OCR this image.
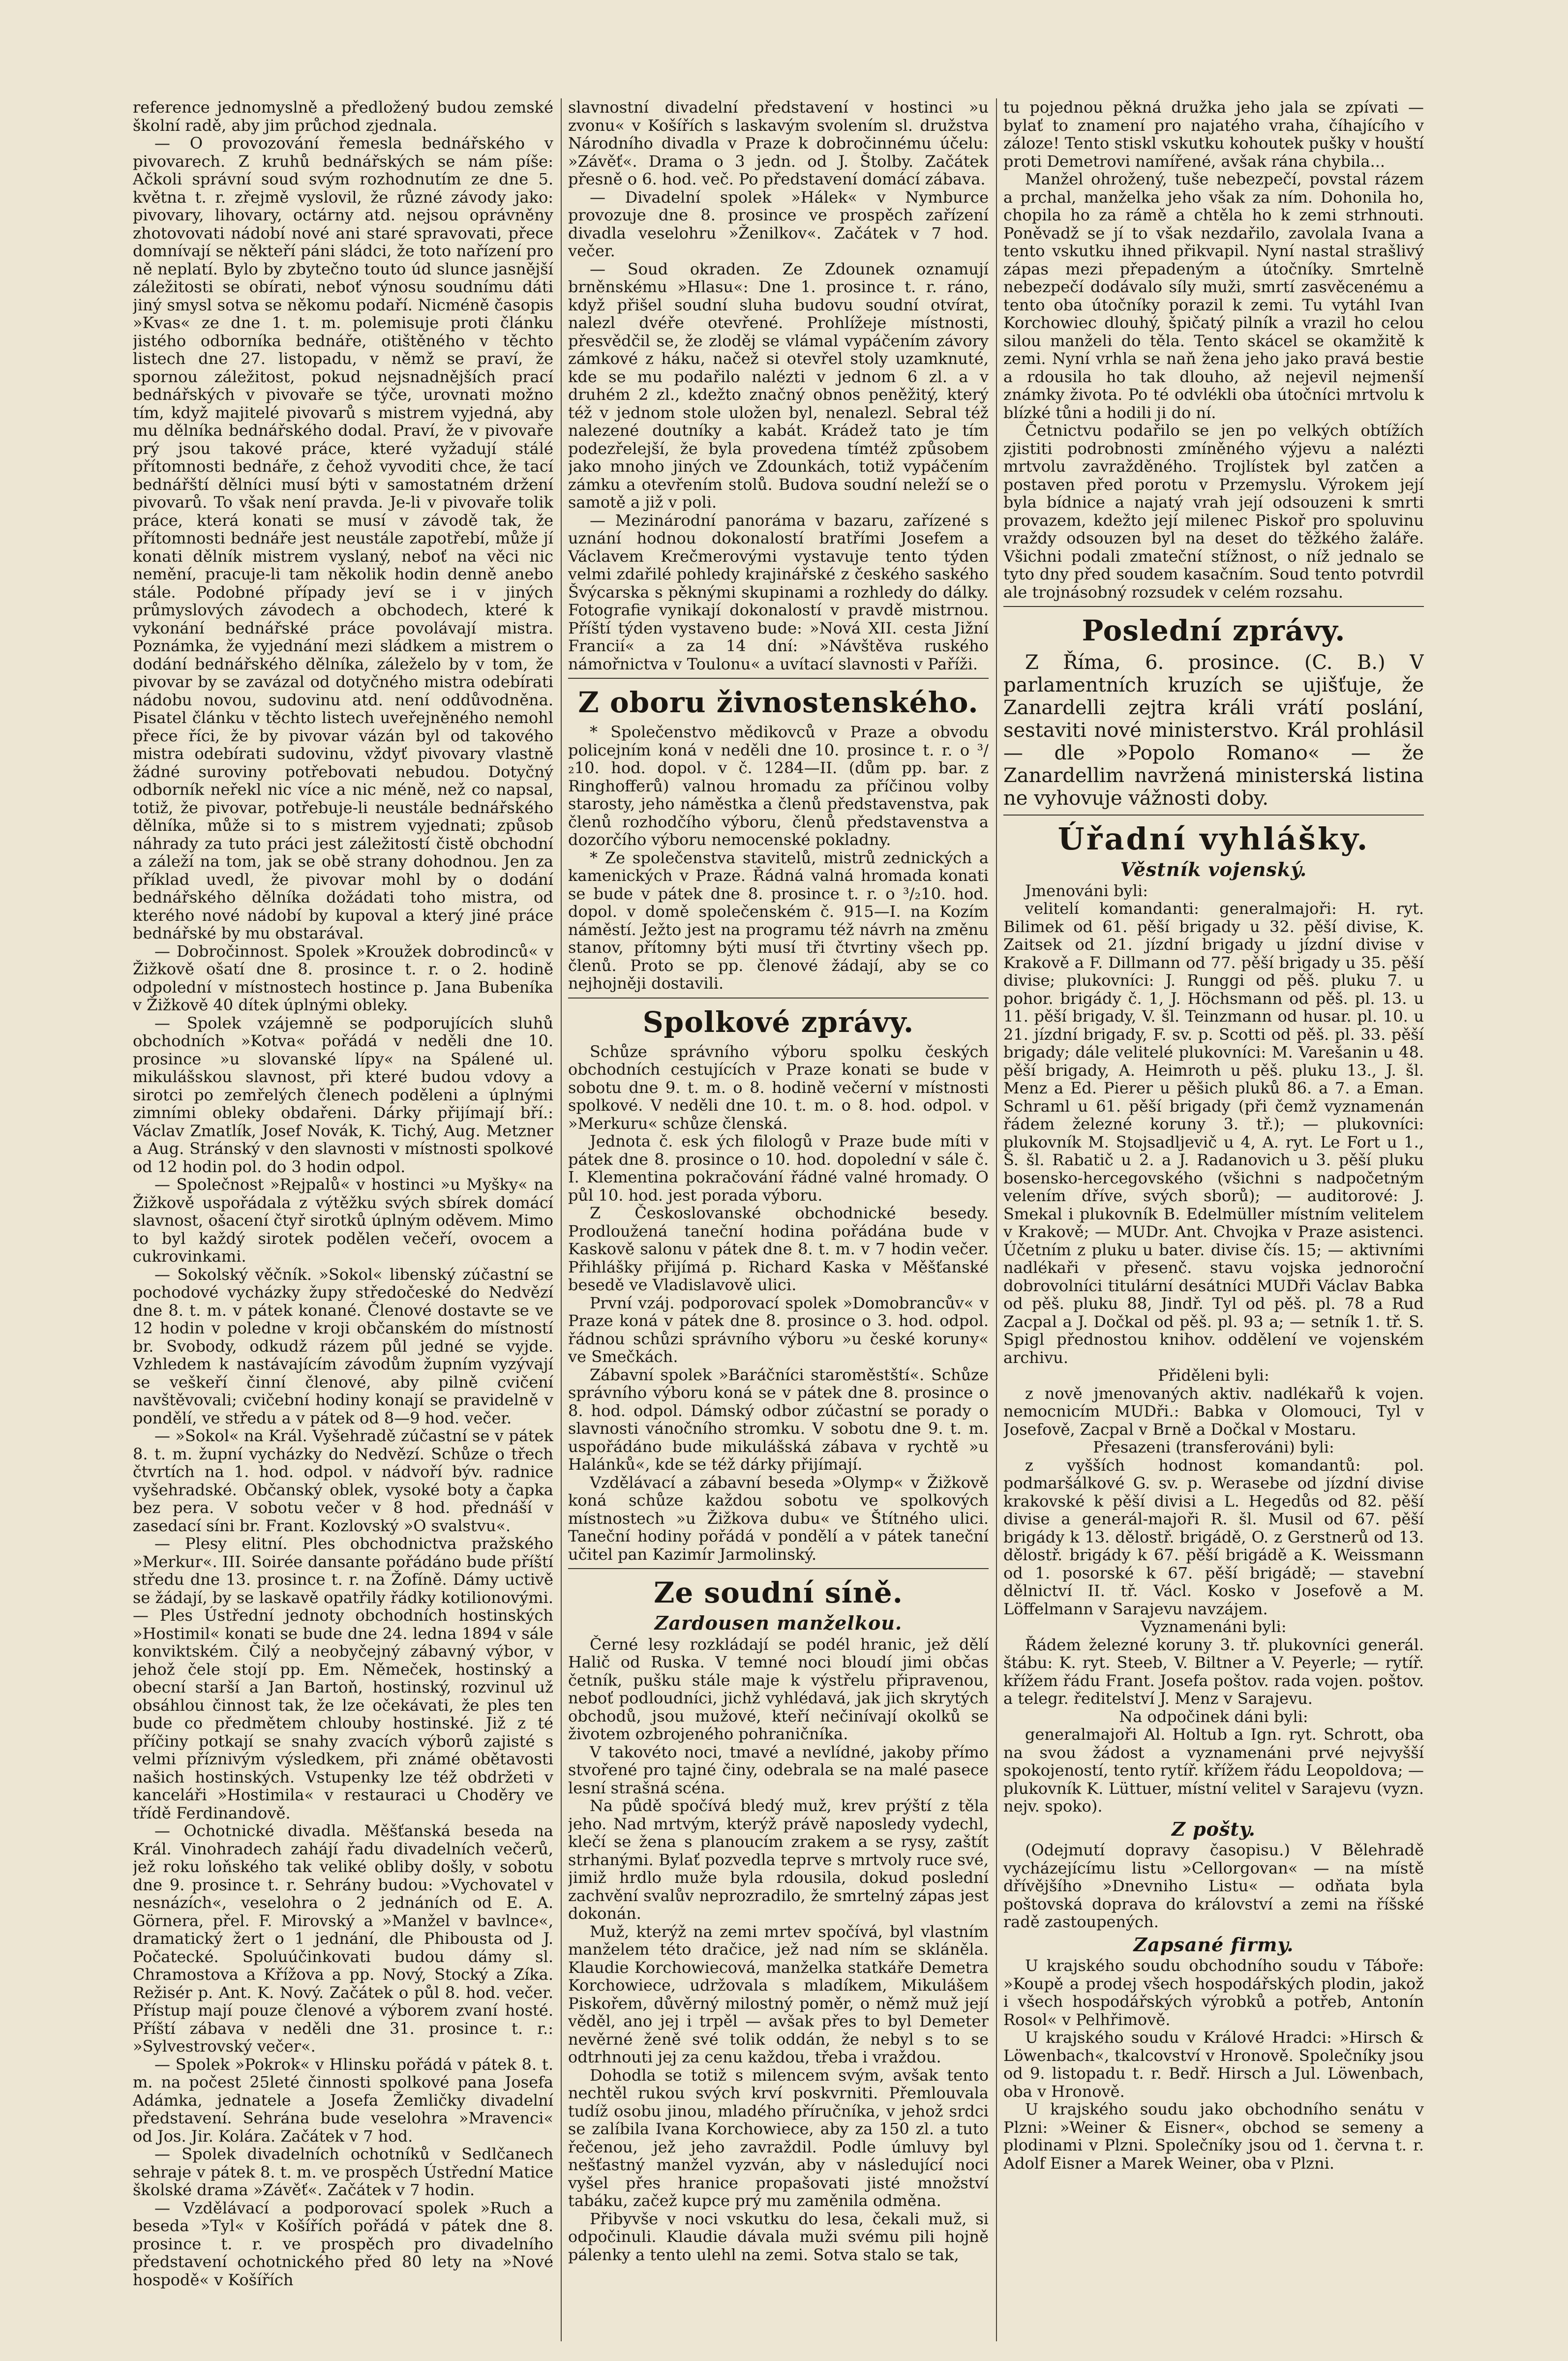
reference jednomyslně a předložený budou zemské školní radě, aby jim průchod zjednala.

— O provozování řemesla bednářského v pivovarech. Z kruhů bednářských se nám píše: Ačkoli správní soud svým rozhodnutím ze dne 5. května t. r. zřejmě vyslovil, že různé závody jako: pivovary, lihovary, octárny atd. nejsou oprávněny zhotovovati nádobí nové ani staré spravovati, přece domnívají se někteří páni sládci, že toto nařízení pro ně neplatí. Bylo by zbytečno touto úd slunce jasnější záležitosti se obírati, neboť výnosu soudnímu dáti jiný smysl sotva se někomu podaří. Nicméně časopis »Kvas« ze dne 1. t. m. polemisuje proti článku jistého odborníka bednáře, otištěného v těchto listech dne 27. listopadu, v němž se praví, že spornou záležitost, pokud nejsnadnějších prací bednářských v pivovaře se týče, urovnati možno tím, když majitelé pivovarů s mistrem vyjedná, aby mu dělníka bednářského dodal. Praví, že v pivovaře prý jsou takové práce, které vyžadují stálé přítomnosti bednáře, z čehož vyvoditi chce, že tací bednářští dělníci musí býti v samostatném držení pivovarů. To však není pravda. Je-li v pivovaře tolik práce, která konati se musí v závodě tak, že přítomnosti bednáře jest neustále zapotřebí, může jí konati dělník mistrem vyslaný, neboť na věci nic nemění, pracuje-li tam několik hodin denně anebo stále. Podobné případy jeví se i v jiných průmyslových závodech a obchodech, které k vykonání bednářské práce povolávají mistra. Poznámka, že vyjednání mezi sládkem a mistrem o dodání bednářského dělníka, záleželo by v tom, že pivovar by se zavázal od dotyčného mistra odebírati nádobu novou, sudovinu atd. není oddůvodněna. Pisatel článku v těchto listech uveřejněného nemohl přece říci, že by pivovar vázán byl od takového mistra odebírati sudovinu, vždyť pivovary vlastně žádné suroviny potřebovati nebudou. Dotyčný odborník neřekl nic více a nic méně, než co napsal, totiž, že pivovar, potřebuje-li neustále bednářského dělníka, může si to s mistrem vyjednati; způsob náhrady za tuto práci jest záležitostí čistě obchodní a záleží na tom, jak se obě strany dohodnou. Jen za příklad uvedl, že pivovar mohl by o dodání bednářského dělníka dožádati toho mistra, od kterého nové nádobí by kupoval a který jiné práce bednářské by mu obstarával.

— Dobročinnost. Spolek »Kroužek dobrodinců« v Žižkově ošatí dne 8. prosince t. r. o 2. hodině odpolední v místnostech hostince p. Jana Bubeníka v Žižkově 40 dítek úplnými obleky.

— Spolek vzájemně se podporujících sluhů obchodních »Kotva« pořádá v neděli dne 10. prosince »u slovanské lípy« na Spálené ul. mikulášskou slavnost, při které budou vdovy a sirotci po zemřelých členech poděleni a úplnými zimními obleky obdařeni. Dárky přijímají bří.: Václav Zmatlík, Josef Novák, K. Tichý, Aug. Metzner a Aug. Stránský v den slavnosti v místnosti spolkové od 12 hodin pol. do 3 hodin odpol.

— Společnost »Rejpalů« v hostinci »u Myšky« na Žižkově uspořádala z výtěžku svých sbírek domácí slavnost, ošacení čtyř sirotků úplným oděvem. Mimo to byl každý sirotek podělen večeří, ovocem a cukrovinkami.

— Sokolský věčník. »Sokol« libenský zúčastní se pochodové vycházky župy středočeské do Nedvězí dne 8. t. m. v pátek konané. Členové dostavte se ve 12 hodin v poledne v kroji občanském do místností br. Svobody, odkudž rázem půl jedné se vyjde. Vzhledem k nastávajícím závodům župním vyzývají se veškeří činní členové, aby pilně cvičení navštěvovali; cvičební hodiny konají se pravidelně v pondělí, ve středu a v pátek od 8—9 hod. večer.

— »Sokol« na Král. Vyšehradě zúčastní se v pátek 8. t. m. župní vycházky do Nedvězí. Schůze o třech čtvrtích na 1. hod. odpol. v nádvoří býv. radnice vyšehradské. Občanský oblek, vysoké boty a čapka bez pera. V sobotu večer v 8 hod. přednáší v zasedací síni br. Frant. Kozlovský »O svalstvu«.

— Plesy elitní. Ples obchodnictva pražského »Merkur«. III. Soirée dansante pořádáno bude příští středu dne 13. prosince t. r. na Žofíně. Dámy uctivě se žádají, by se laskavě opatřily řádky kotilionovými. — Ples Ústřední jednoty obchodních hostinských »Hostimil« konati se bude dne 24. ledna 1894 v sále konviktském. Čilý a neobyčejný zábavný výbor, v jehož čele stojí pp. Em. Němeček, hostinský a obecní starší a Jan Bartoň, hostinský, rozvinul už obsáhlou činnost tak, že lze očekávati, že ples ten bude co předmětem chlouby hostinské. Již z té příčiny potkají se snahy zvacích výborů zajisté s velmi příznivým výsledkem, při známé obětavosti našich hostinských. Vstupenky lze též obdržeti v kanceláři »Hostimila« v restauraci u Choděry ve třídě Ferdinandově.

— Ochotnické divadla. Měšťanská beseda na Král. Vinohradech zahájí řadu divadelních večerů, jež roku loňského tak veliké obliby došly, v sobotu dne 9. prosince t. r. Sehrány budou: »Vychovatel v nesnázích«, veselohra o 2 jednáních od E. A. Görnera, přel. F. Mirovský a »Manžel v bavlnce«, dramatický žert o 1 jednání, dle Phibousta od J. Počatecké. Spoluúčinkovati budou dámy sl. Chramostova a Křížova a pp. Nový, Stocký a Zíka. Režisér p. Ant. K. Nový. Začátek o půl 8. hod. večer. Přístup mají pouze členové a výborem zvaní hosté. Příští zábava v neděli dne 31. prosince t. r.: »Sylvestrovský večer«.

— Spolek »Pokrok« v Hlinsku pořádá v pátek 8. t. m. na počest 25leté činnosti spolkové pana Josefa Adámka, jednatele a Josefa Žemličky divadelní představení. Sehrána bude veselohra »Mravenci« od Jos. Jir. Kolára. Začátek v 7 hod.

— Spolek divadelních ochotníků v Sedlčanech sehraje v pátek 8. t. m. ve prospěch Ústřední Matice školské drama »Závěť«. Začátek v 7 hodin.

— Vzdělávací a podporovací spolek »Ruch a beseda »Tyl« v Košířích pořádá v pátek dne 8. prosince t. r. ve prospěch pro divadelního představení ochotnického před 80 lety na »Nové hospodě« v Košířích

slavnostní divadelní představení v hostinci »u zvonu« v Košířích s laskavým svolením sl. družstva Národního divadla v Praze k dobročinnému účelu: »Závěť«. Drama o 3 jedn. od J. Štolby. Začátek přesně o 6. hod. več. Po představení domácí zábava.

— Divadelní spolek »Hálek« v Nymburce provozuje dne 8. prosince ve prospěch zařízení divadla veselohru »Ženilkov«. Začátek v 7 hod. večer.

— Soud okraden. Ze Zdounek oznamují brněnskému »Hlasu«: Dne 1. prosince t. r. ráno, když přišel soudní sluha budovu soudní otvírat, nalezl dvéře otevřené. Prohlížeje místnosti, přesvědčil se, že zloděj se vlámal vypáčením závory zámkové z háku, načež si otevřel stoly uzamknuté, kde se mu podařilo nalézti v jednom 6 zl. a v druhém 2 zl., kdežto značný obnos peněžitý, který též v jednom stole uložen byl, nenalezl. Sebral též nalezené doutníky a kabát. Krádež tato je tím podezřelejší, že byla provedena tímtéž způsobem jako mnoho jiných ve Zdounkách, totiž vypáčením zámku a otevřením stolů. Budova soudní neleží se o samotě a již v poli.

— Mezinárodní panoráma v bazaru, zařízené s uznání hodnou dokonalostí bratřími Josefem a Václavem Krečmerovými vystavuje tento týden velmi zdařilé pohledy krajinářské z českého saského Švýcarska s pěknými skupinami a rozhledy do dálky. Fotografie vynikají dokonalostí v pravdě mistrnou. Příští týden vystaveno bude: »Nová XII. cesta Jižní Francií« a za 14 dní: »Návštěva ruského námořnictva v Toulonu« a uvítací slavnosti v Paříži.

Z oboru živnostenského.

* Společenstvo mědikovců v Praze a obvodu policejním koná v neděli dne 10. prosince t. r. o ³/₂10. hod. dopol. v č. 1284—II. (dům pp. bar. z Ringhofferů) valnou hromadu za příčinou volby starosty, jeho náměstka a členů představenstva, pak členů rozhodčího výboru, členů představenstva a dozorčího výboru nemocenské pokladny.

* Ze společenstva stavitelů, mistrů zednických a kamenických v Praze. Řádná valná hromada konati se bude v pátek dne 8. prosince t. r. o ³/₂10. hod. dopol. v domě společenském č. 915—I. na Kozím náměstí. Ježto jest na programu též návrh na změnu stanov, přítomny býti musí tři čtvrtiny všech pp. členů. Proto se pp. členové žádají, aby se co nejhojněji dostavili.

Spolkové zprávy.

Schůze správního výboru spolku českých obchodních cestujících v Praze konati se bude v sobotu dne 9. t. m. o 8. hodině večerní v místnosti spolkové. V neděli dne 10. t. m. o 8. hod. odpol. v »Merkuru« schůze členská.

Jednota č. esk ých filologů v Praze bude míti v pátek dne 8. prosince o 10. hod. dopolední v sále č. I. Klementina pokračování řádné valné hromady. O půl 10. hod. jest porada výboru.

Z Českoslovanské obchodnické besedy. Prodloužená taneční hodina pořádána bude v Kaskově salonu v pátek dne 8. t. m. v 7 hodin večer. Přihlášky přijímá p. Richard Kaska v Měšťanské besedě ve Vladislavově ulici.

První vzáj. podporovací spolek »Domobrancův« v Praze koná v pátek dne 8. prosince o 3. hod. odpol. řádnou schůzi správního výboru »u české koruny« ve Smečkách.

Zábavní spolek »Baráčníci staroměstští«. Schůze správního výboru koná se v pátek dne 8. prosince o 8. hod. odpol. Dámský odbor zúčastní se porady o slavnosti vánočního stromku. V sobotu dne 9. t. m. uspořádáno bude mikulášská zábava v rychtě »u Halánků«, kde se též dárky přijímají.

Vzdělávací a zábavní beseda »Olymp« v Žižkově koná schůze každou sobotu ve spolkových místnostech »u Žižkova dubu« ve Štítného ulici. Taneční hodiny pořádá v pondělí a v pátek taneční učitel pan Kazimír Jarmolinský.

Ze soudní síně.
Zardousen manželkou.

Černé lesy rozkládají se podél hranic, jež dělí Halič od Ruska. V temné noci bloudí jimi občas četník, pušku stále maje k výstřelu připravenou, neboť podloudníci, jichž vyhlédavá, jak jich skrytých obchodů, jsou mužové, kteří nečinívají okolků se životem ozbrojeného pohraničníka.

V takovéto noci, tmavé a nevlídné, jakoby přímo stvořené pro tajné činy, odebrala se na malé pasece lesní strašná scéna.

Na půdě spočívá bledý muž, krev prýští z těla jeho. Nad mrtvým, kterýž právě naposledy vydechl, klečí se žena s planoucím zrakem a se rysy, zaštít strhanými. Bylať pozvedla teprve s mrtvoly ruce své, jimiž hrdlo muže byla rdousila, dokud poslední zachvění svalův neprozradilo, že smrtelný zápas jest dokonán.

Muž, kterýž na zemi mrtev spočívá, byl vlastním manželem této dračice, jež nad ním se skláněla. Klaudie Korchowiecová, manželka statkáře Demetra Korchowiece, udržovala s mladíkem, Mikulášem Piskořem, důvěrný milostný poměr, o němž muž její věděl, ano jej i trpěl — avšak přes to byl Demeter nevěrné ženě své tolik oddán, že nebyl s to se odtrhnouti jej za cenu každou, třeba i vraždou.

Dohodla se totiž s milencem svým, avšak tento nechtěl rukou svých krví poskvrniti. Přemlouvala tudíž osobu jinou, mladého příručníka, v jehož srdci se zalíbila Ivana Korchowiece, aby za 150 zl. a tuto řečenou, jež jeho zavraždil. Podle úmluvy byl nešťastný manžel vyzván, aby v následující noci vyšel přes hranice propašovati jisté množství tabáku, začež kupce prý mu zaměnila odměna.

Přibyvše v noci vskutku do lesa, čekali muž, si odpočinuli. Klaudie dávala muži svému pili hojně pálenky a tento ulehl na zemi. Sotva stalo se tak,

tu pojednou pěkná družka jeho jala se zpívati — bylať to znamení pro najatého vraha, číhajícího v záloze! Tento stiskl vskutku kohoutek pušky v houští proti Demetrovi namířené, avšak rána chybila...

Manžel ohrožený, tuše nebezpečí, povstal rázem a prchal, manželka jeho však za ním. Dohonila ho, chopila ho za rámě a chtěla ho k zemi strhnouti. Poněvadž se jí to však nezdařilo, zavolala Ivana a tento vskutku ihned přikvapil. Nyní nastal strašlivý zápas mezi přepadeným a útočníky. Smrtelně nebezpečí dodávalo síly muži, smrtí zasvěcenému a tento oba útočníky porazil k zemi. Tu vytáhl Ivan Korchowiec dlouhý, špičatý pilník a vrazil ho celou silou manželi do těla. Tento skácel se okamžitě k zemi. Nyní vrhla se naň žena jeho jako pravá bestie a rdousila ho tak dlouho, až nejevil nejmenší známky života. Po té odvlékli oba útočníci mrtvolu k blízké tůni a hodili ji do ní.

Četnictvu podařilo se jen po velkých obtížích zjistiti podrobnosti zmíněného výjevu a nalézti mrtvolu zavražděného. Trojlístek byl zatčen a postaven před porotu v Przemyslu. Výrokem její byla bídnice a najatý vrah její odsouzeni k smrti provazem, kdežto její milenec Piskoř pro spoluvinu vraždy odsouzen byl na deset do těžkého žaláře. Všichni podali zmateční stížnost, o níž jednalo se tyto dny před soudem kasačním. Soud tento potvrdil ale trojnásobný rozsudek v celém rozsahu.

Poslední zprávy.

Z Říma, 6. prosince. (C. B.) V parlamentních kruzích se ujišťuje, že Zanardelli zejtra králi vrátí poslání, sestaviti nové ministerstvo. Král prohlásil — dle »Popolo Romano« — že Zanardellim navržená ministerská listina ne vyhovuje vážnosti doby.

Úřadní vyhlášky.
Věstník vojenský.

Jmenováni byli:

velitelí komandanti: generalmajoři: H. ryt. Bilimek od 61. pěší brigady u 32. pěší divise, K. Zaitsek od 21. jízdní brigady u jízdní divise v Krakově a F. Dillmann od 77. pěší brigady u 35. pěší divise; plukovníci: J. Runggi od pěš. pluku 7. u pohor. brigády č. 1, J. Höchsmann od pěš. pl. 13. u 11. pěší brigady, V. šl. Teinzmann od husar. pl. 10. u 21. jízdní brigady, F. sv. p. Scotti od pěš. pl. 33. pěší brigady; dále velitelé plukovníci: M. Varešanin u 48. pěší brigady, A. Heimroth u pěš. pluku 13., J. šl. Menz a Ed. Pierer u pěšich pluků 86. a 7. a Eman. Schraml u 61. pěší brigady (při čemž vyznamenán řádem železné koruny 3. tř.); — plukovníci: plukovník M. Stojsadljevič u 4, A. ryt. Le Fort u 1., Š. šl. Rabatič u 2. a J. Radanovich u 3. pěší pluku bosensko-hercegovského (všichni s nadpočetným velením dříve, svých sborů); — auditorové: J. Smekal i plukovník B. Edelmüller místním velitelem v Krakově; — MUDr. Ant. Chvojka v Praze asistenci. Účetním z pluku u bater. divise čís. 15; — aktivními nadlékaři v přesenč. stavu vojska jednoroční dobrovolníci titulární desátníci MUDři Václav Babka od pěš. pluku 88, Jindř. Tyl od pěš. pl. 78 a Rud Zacpal a J. Dočkal od pěš. pl. 93 a; — setník 1. tř. S. Spigl přednostou knihov. oddělení ve vojenském archivu.

Přiděleni byli:

z nově jmenovaných aktiv. nadlékařů k vojen. nemocnicím MUDři.: Babka v Olomouci, Tyl v Josefově, Zacpal v Brně a Dočkal v Mostaru.

Přesazeni (transferováni) byli:

z vyšších hodnost komandantů: pol. podmaršálkové G. sv. p. Werasebe od jízdní divise krakovské k pěší divisi a L. Hegedůs od 82. pěší divise a generál-majoři R. šl. Musil od 67. pěší brigády k 13. dělostř. brigádě, O. z Gerstnerů od 13. dělostř. brigády k 67. pěší brigádě a K. Weissmann od 1. posorské k 67. pěší brigádě; — stavební dělnictví II. tř. Václ. Kosko v Josefově a M. Löffelmann v Sarajevu navzájem.

Vyznamenáni byli:

Řádem železné koruny 3. tř. plukovníci generál. štábu: K. ryt. Steeb, V. Biltner a V. Peyerle; — rytíř. křížem řádu Frant. Josefa poštov. rada vojen. poštov. a telegr. ředitelství J. Menz v Sarajevu.

Na odpočinek dáni byli:

generalmajoři Al. Holtub a Ign. ryt. Schrott, oba na svou žádost a vyznamenáni prvé nejvyšší spokojeností, tento rytíř. křížem řádu Leopoldova; — plukovník K. Lüttuer, místní velitel v Sarajevu (vyzn. nejv. spoko).

Z pošty.

(Odejmutí dopravy časopisu.) V Bělehradě vycházejícímu listu »Cellorgovan« — na místě dřívějšího »Dnevniho Listu« — odňata byla poštovská doprava do království a zemi na říšské radě zastoupených.

Zapsané firmy.

U krajského soudu obchodního soudu v Táboře: »Koupě a prodej všech hospodářských plodin, jakož i všech hospodářských výrobků a potřeb, Antonín Rosol« v Pelhřimově.

U krajského soudu v Králové Hradci: »Hirsch & Löwenbach«, tkalcovství v Hronově. Společníky jsou od 9. listopadu t. r. Bedř. Hirsch a Jul. Löwenbach, oba v Hronově.

U krajského soudu jako obchodního senátu v Plzni: »Weiner & Eisner«, obchod se semeny a plodinami v Plzni. Společníky jsou od 1. června t. r. Adolf Eisner a Marek Weiner, oba v Plzni.
